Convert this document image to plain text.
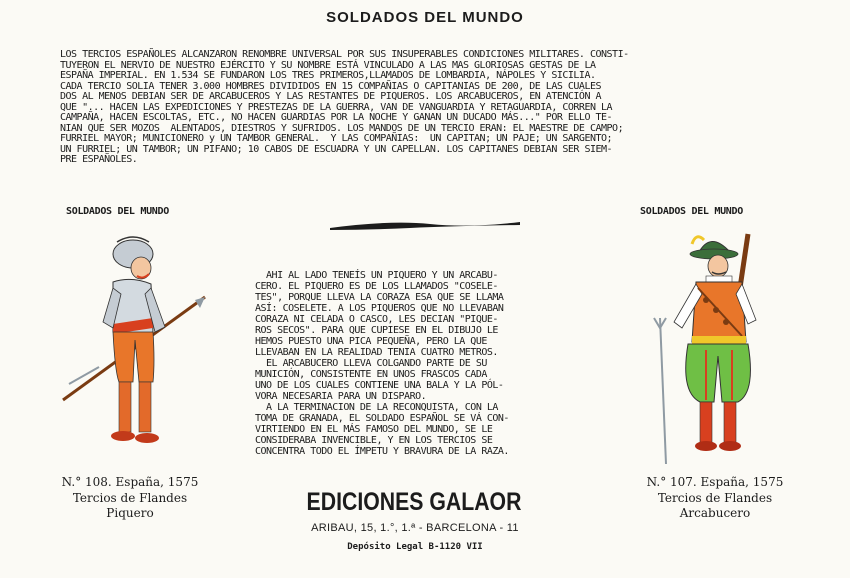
SOLDADOS DEL MUNDO
LOS TERCIOS ESPAÑOLES ALCANZARON RENOMBRE UNIVERSAL POR SUS INSUPERABLES CONDICIONES MILITARES. CONSTI-
TUYERON EL NERVIO DE NUESTRO EJÉRCITO Y SU NOMBRE ESTÁ VINCULADO A LAS MAS GLORIOSAS GESTAS DE LA
ESPAÑA IMPERIAL. EN 1.534 SE FUNDARON LOS TRES PRIMEROS,LLAMADOS DE LOMBARDIA, NÁPOLES Y SICILIA.
CADA TERCIO SOLIA TENER 3.000 HOMBRES DIVIDIDOS EN 15 COMPAÑIAS O CAPITANIAS DE 200, DE LAS CUALES
DOS AL MENOS DEBIAN SER DE ARCABUCEROS Y LAS RESTANTES DE PIQUEROS. LOS ARCABUCEROS, EN ATENCIÓN A
QUE "... HACEN LAS EXPEDICIONES Y PRESTEZAS DE LA GUERRA, VAN DE VANGUARDIA Y RETAGUARDIA, CORREN LA
CAMPAÑA, HACEN ESCOLTAS, ETC., NO HACEN GUARDIAS POR LA NOCHE Y GANAN UN DUCADO MÁS..." POR ELLO TE-
NIAN QUE SER MOZOS  ALENTADOS, DIESTROS Y SUFRIDOS. LOS MANDOS DE UN TERCIO ERAN: EL MAESTRE DE CAMPO;
FURRIEL MAYOR; MUNICIONERO y UN TAMBOR GENERAL.  Y LAS COMPAÑIAS:  UN CAPITAN; UN PAJE; UN SARGENTO;
UN FURRIEL; UN TAMBOR; UN PIFANO; 10 CABOS DE ESCUADRA Y UN CAPELLAN. LOS CAPITANES DEBIAN SER SIEM-
PRE ESPAÑOLES.
SOLDADOS DEL MUNDO	SOLDADOS DEL MUNDO
N.° 108. España, 1575
Tercios de Flandes
Piquero
N.° 107. España, 1575
Tercios de Flandes
Arcabucero
AHI AL LADO TENEÍS UN PIQUERO Y UN ARCABU-
CERO. EL PIQUERO ES DE LOS LLAMADOS "COSELE-
TES", PORQUE LLEVA LA CORAZA ESA QUE SE LLAMA
ASÍ: COSELETE. A LOS PIQUEROS QUE NO LLEVABAN
CORAZA NI CELADA O CASCO, LES DECIAN "PIQUE-
ROS SECOS". PARA QUE CUPIESE EN EL DIBUJO LE
HEMOS PUESTO UNA PICA PEQUEÑA, PERO LA QUE
LLEVABAN EN LA REALIDAD TENIA CUATRO METROS.
EL ARCABUCERO LLEVA COLGANDO PARTE DE SU
MUNICIÓN, CONSISTENTE EN UNOS FRASCOS CADA
UNO DE LOS CUALES CONTIENE UNA BALA Y LA PÓL-
VORA NECESARIA PARA UN DISPARO.
A LA TERMINACION DE LA RECONQUISTA, CON LA
TOMA DE GRANADA, EL SOLDADO ESPAÑOL SE VÁ CON-
VIRTIENDO EN EL MÁS FAMOSO DEL MUNDO, SE LE
CONSIDERABA INVENCIBLE, Y EN LOS TERCIOS SE
CONCENTRA TODO EL ÍMPETU Y BRAVURA DE LA RAZA.
EDICIONES GALAOR
ARIBAU, 15, 1.°, 1.ª - BARCELONA - 11
Depósito Legal B-1120 VII
